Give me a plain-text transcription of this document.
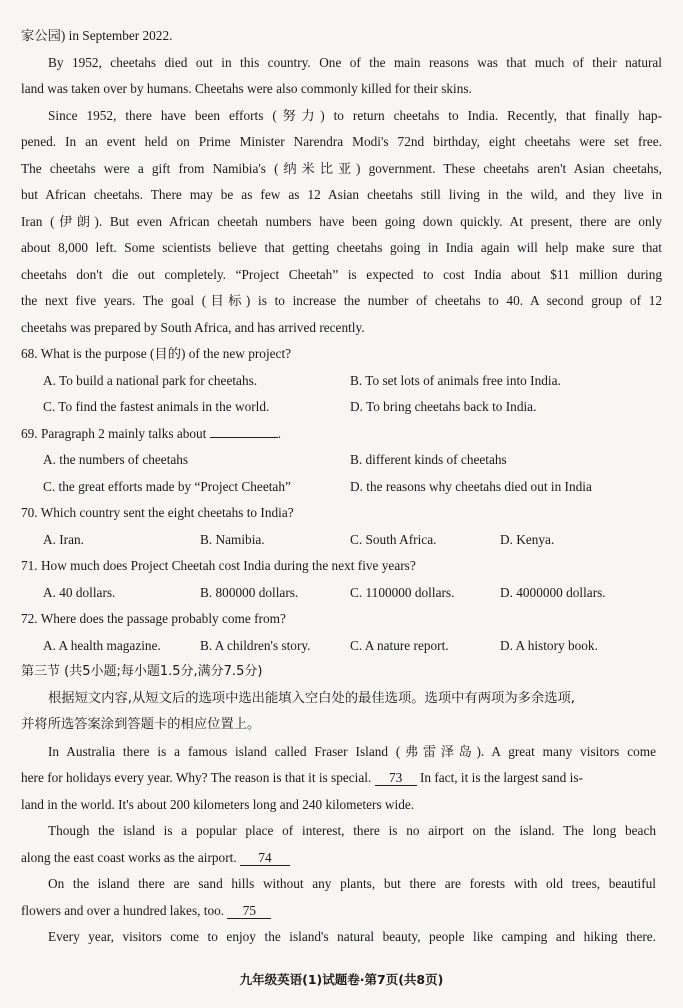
家公园) in September 2022.
By 1952, cheetahs died out in this country. One of the main reasons was that much of their natural
land was taken over by humans. Cheetahs were also commonly killed for their skins.
Since 1952, there have been efforts (努力) to return cheetahs to India. Recently, that finally hap-
pened. In an event held on Prime Minister Narendra Modi's 72nd birthday, eight cheetahs were set free.
The cheetahs were a gift from Namibia's (纳米比亚) government. These cheetahs aren't Asian cheetahs,
but African cheetahs. There may be as few as 12 Asian cheetahs still living in the wild, and they live in
Iran (伊朗). But even African cheetah numbers have been going down quickly. At present, there are only
about 8,000 left. Some scientists believe that getting cheetahs going in India again will help make sure that
cheetahs don't die out completely. “Project Cheetah” is expected to cost India about $11 million during
the next five years. The goal (目标) is to increase the number of cheetahs to 40. A second group of 12
cheetahs was prepared by South Africa, and has arrived recently.
68. What is the purpose (目的) of the new project?
A. To build a national park for cheetahs.	B. To set lots of animals free into India.
C. To find the fastest animals in the world.	D. To bring cheetahs back to India.
69. Paragraph 2 mainly talks about	.
A. the numbers of cheetahs	B. different kinds of cheetahs
C. the great efforts made by “Project Cheetah”	D. the reasons why cheetahs died out in India
70. Which country sent the eight cheetahs to India?
A. Iran.	B. Namibia.	C. South Africa.	D. Kenya.
71. How much does Project Cheetah cost India during the next five years?
A. 40 dollars.	B. 800000 dollars.	C. 1100000 dollars.	D. 4000000 dollars.
72. Where does the passage probably come from?
A. A health magazine.	B. A children's story.	C. A nature report.	D. A history book.
第三节 (共5小题;每小题1.5分,满分7.5分)
根据短文内容,从短文后的选项中选出能填入空白处的最佳选项。选项中有两项为多余选项,
并将所选答案涂到答题卡的相应位置上。
In Australia there is a famous island called Fraser Island (弗雷泽岛). A great many visitors come
here for holidays every year. Why? The reason is that it is special. 73 In fact, it is the largest sand is-
land in the world. It's about 200 kilometers long and 240 kilometers wide.
Though the island is a popular place of interest, there is no airport on the island. The long beach
along the east coast works as the airport. 74
On the island there are sand hills without any plants, but there are forests with old trees, beautiful
flowers and over a hundred lakes, too. 75
Every year, visitors come to enjoy the island's natural beauty, people like camping and hiking there.
九年级英语(1)试题卷·第7页(共8页)
